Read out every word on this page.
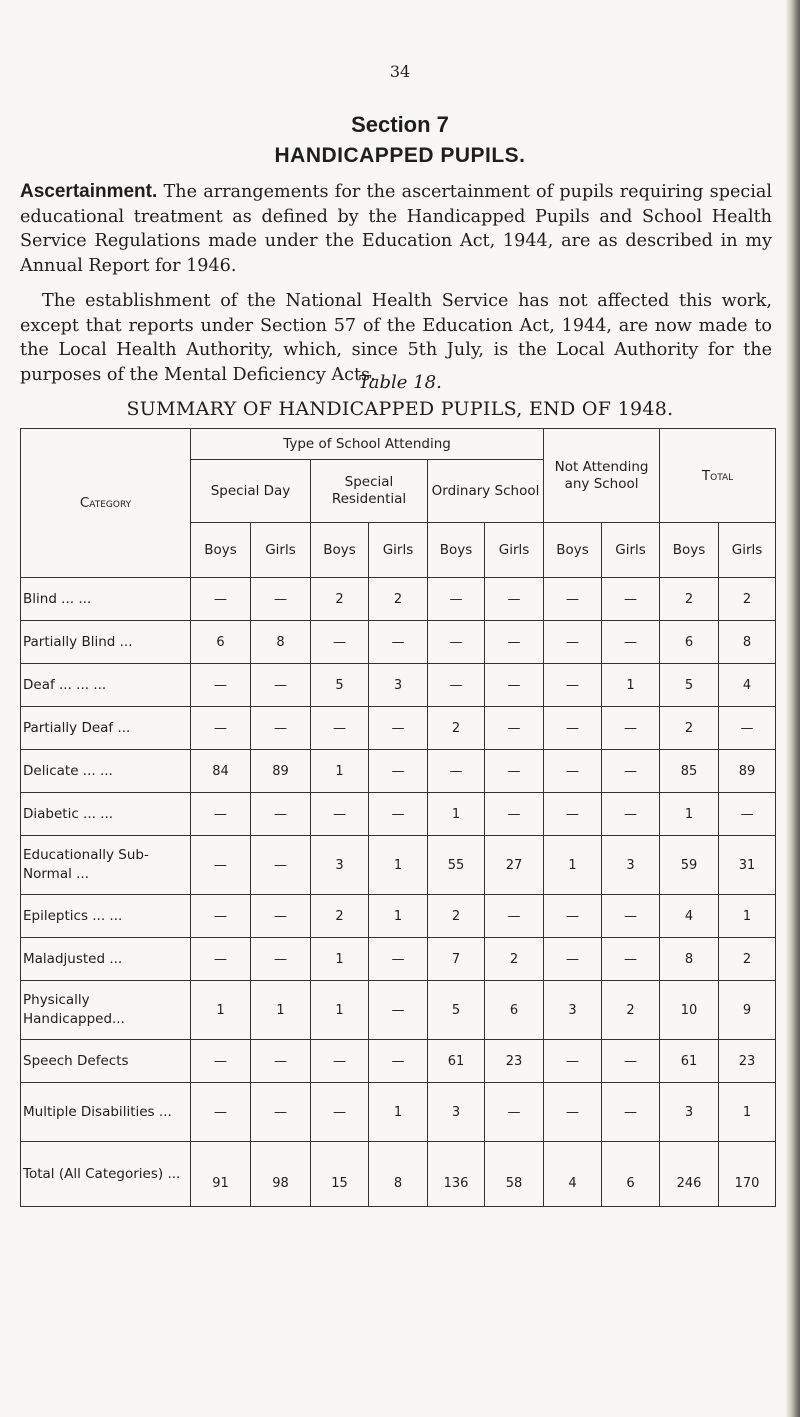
34
Section 7
HANDICAPPED PUPILS.
Ascertainment. The arrangements for the ascertainment of pupils requiring special educational treatment as defined by the Handicapped Pupils and School Health Service Regulations made under the Education Act, 1944, are as described in my Annual Report for 1946.
The establishment of the National Health Service has not affected this work, except that reports under Section 57 of the Education Act, 1944, are now made to the Local Health Authority, which, since 5th July, is the Local Authority for the purposes of the Mental Deficiency Acts.
Table 18.
SUMMARY OF HANDICAPPED PUPILS, END OF 1948.
Category	Type of School Attending						Not Attending any School		Total	
	Special Day		Special Residential		Ordinary School					
	Boys	Girls	Boys	Girls	Boys	Girls	Boys	Girls	Boys	Girls
Blind ... ...	—	—	2	2	—	—	—	—	2	2
Partially Blind ...	6	8	—	—	—	—	—	—	6	8
Deaf ... ... ...	—	—	5	3	—	—	—	1	5	4
Partially Deaf ...	—	—	—	—	2	—	—	—	2	—
Delicate ... ...	84	89	1	—	—	—	—	—	85	89
Diabetic ... ...	—	—	—	—	1	—	—	—	1	—
Educationally Sub-Normal ...	—	—	3	1	55	27	1	3	59	31
Epileptics ... ...	—	—	2	1	2	—	—	—	4	1
Maladjusted ...	—	—	1	—	7	2	—	—	8	2
Physically Handicapped...	1	1	1	—	5	6	3	2	10	9
Speech Defects	—	—	—	—	61	23	—	—	61	23
Multiple Disabilities ...	—	—	—	1	3	—	—	—	3	1
Total (All Categories) ...	91	98	15	8	136	58	4	6	246	170
